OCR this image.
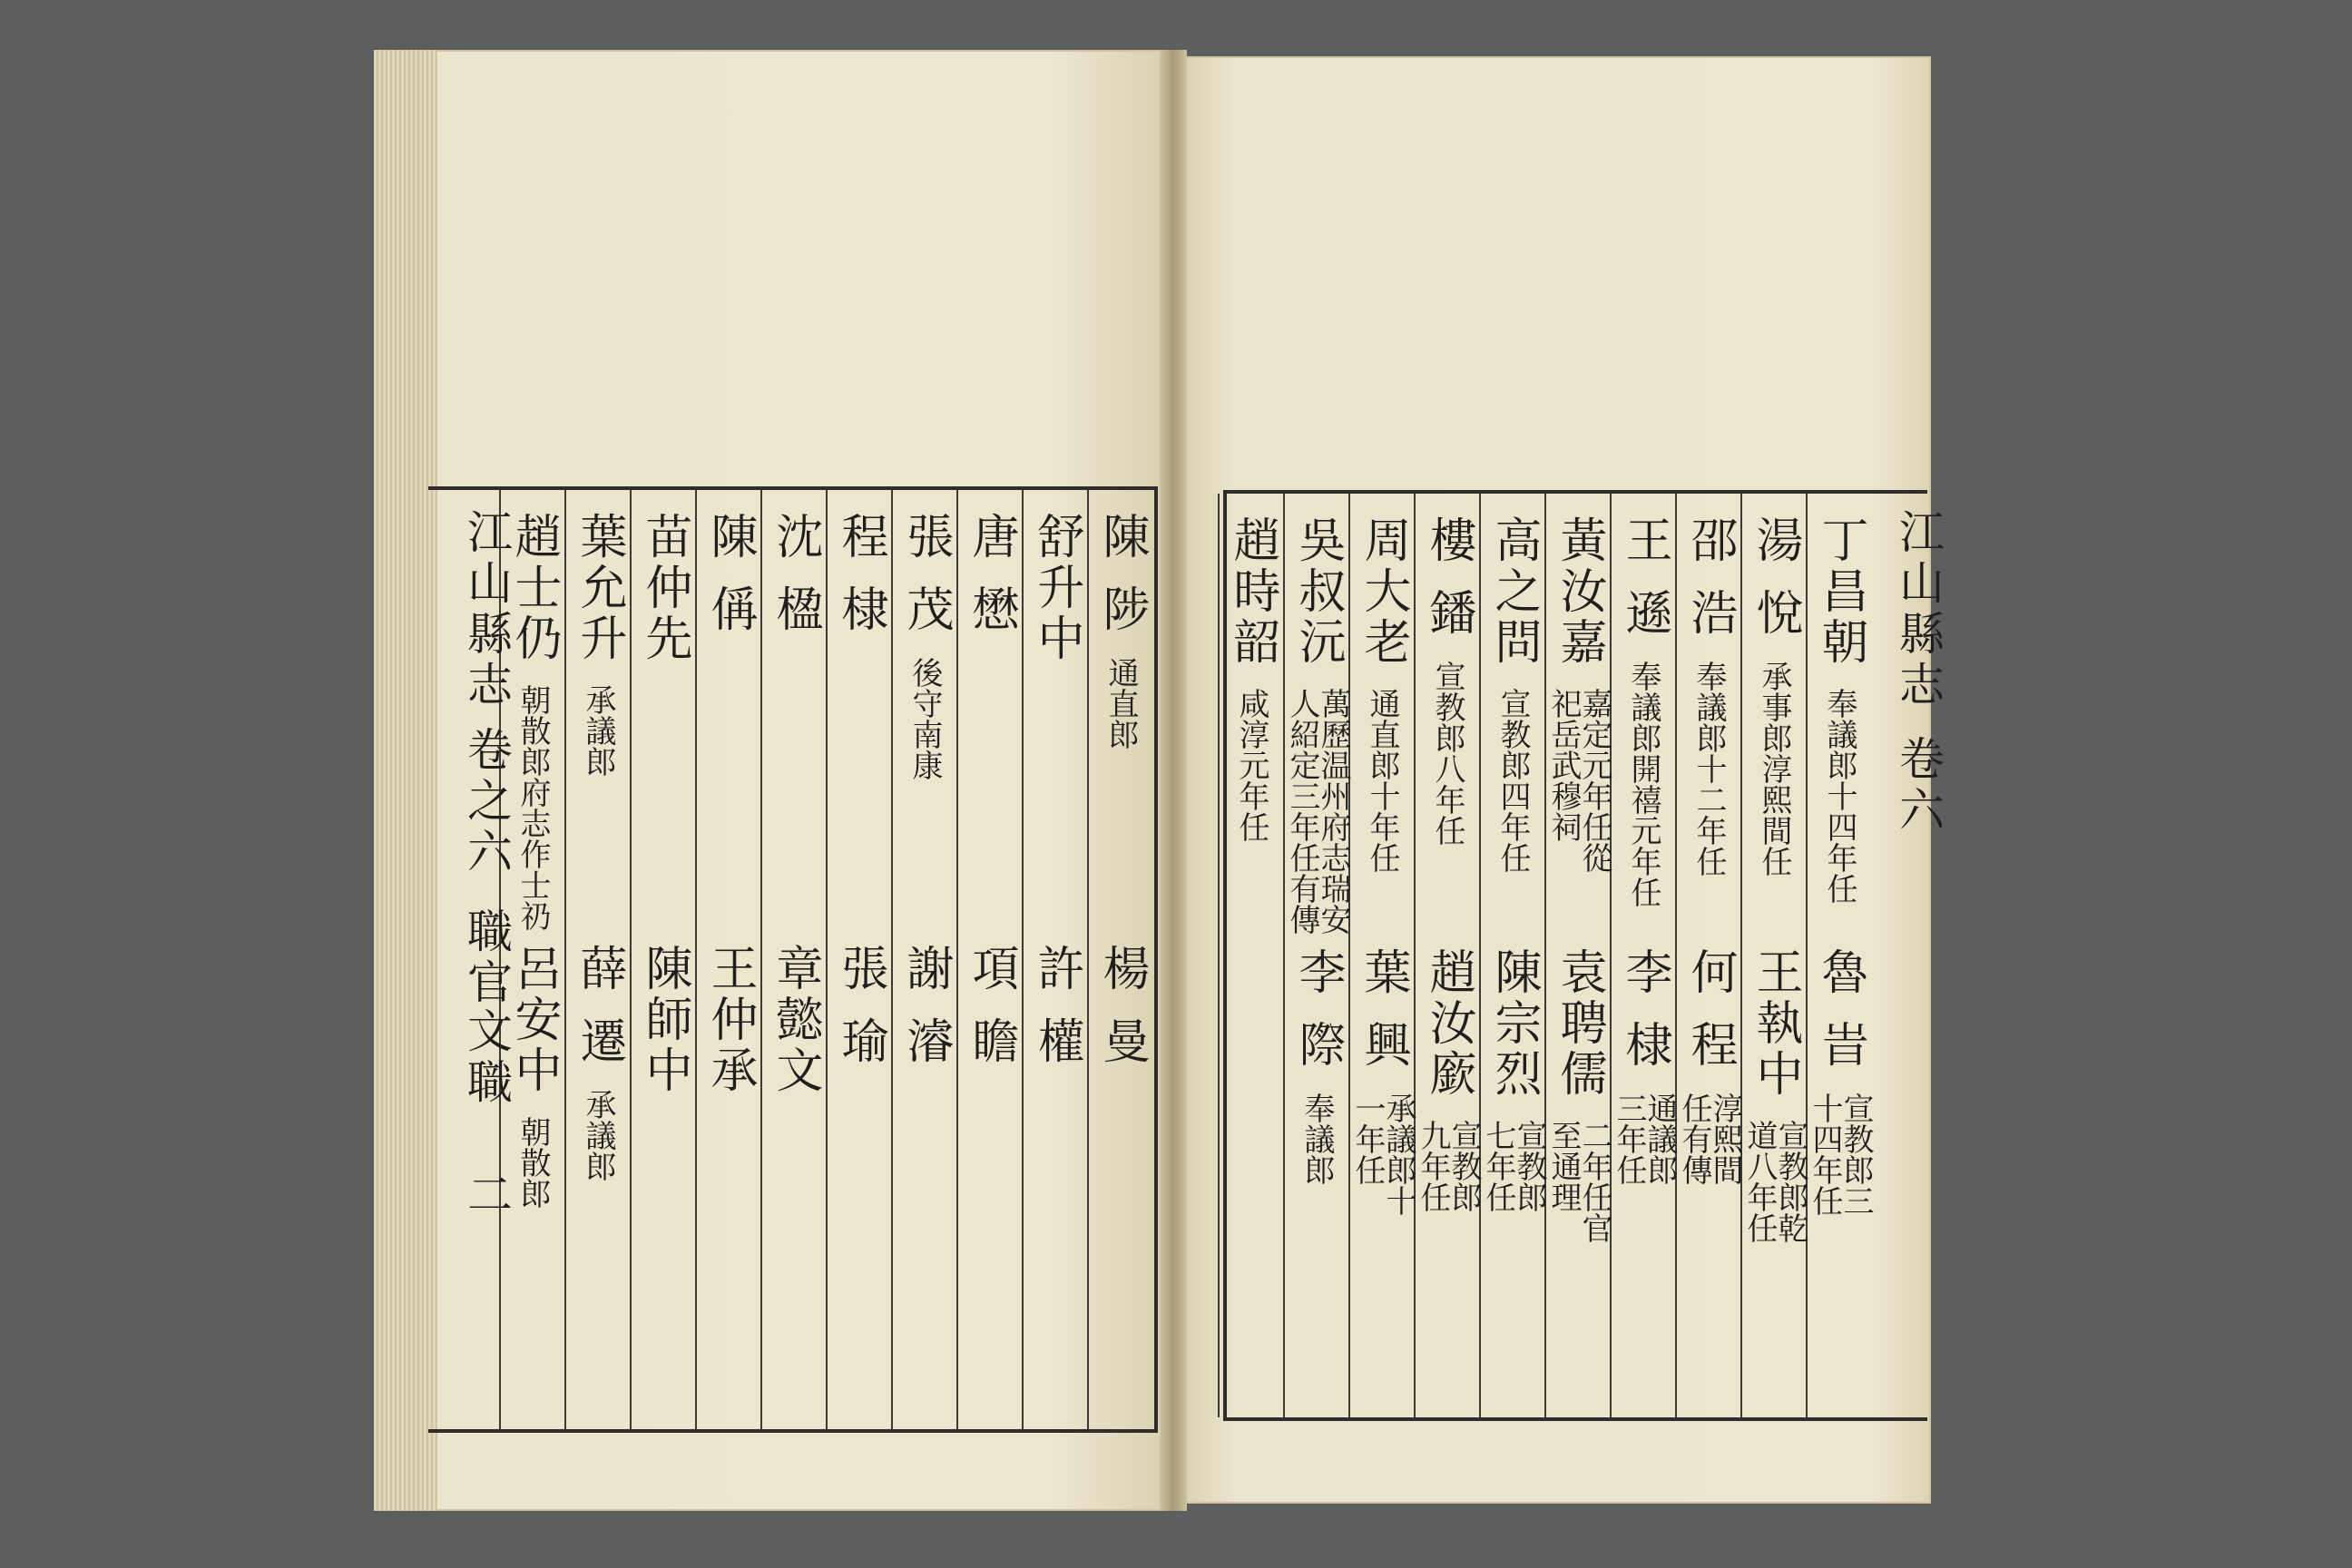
陳
陟
通直郎
楊
曼
舒升中
許
權
唐
懋
項
瞻
張
茂
後守南康
謝
濬
程
棣
張
瑜
沈
楹
章懿文
陳
偁
王仲承
苗仲先
陳師中
葉允升
承議郎
薛
遷
承議郎
趙士仍
朝散郎府志作士礽
呂安中
朝散郎
江山縣志
卷之六
職官
文職
二
丁昌朝
奉議郎十四年任
魯
旹
宣教郎三
十四年任
湯
悅
承事郎淳熙間任
王執中
宣教郎乾
道八年任
邵
浩
奉議郎十二年任
何
程
淳熙間
任有傳
王
遜
奉議郎開禧元年任
李
棣
通議郎
三年任
黃汝嘉
嘉定元年任從
祀岳武穆祠
袁聘儒
二年任官
至通理
高之問
宣教郎四年任
陳宗烈
宣教郎
七年任
樓
鐇
宣教郎八年任
趙汝廞
宣教郎
九年任
周大老
通直郎十年任
葉
興
承議郎十
一年任
吳叔沅
萬歷温州府志瑞安
人紹定三年任有傳
李
際
奉議郎
趙時韶
咸淳元年任
江山縣志
卷六
